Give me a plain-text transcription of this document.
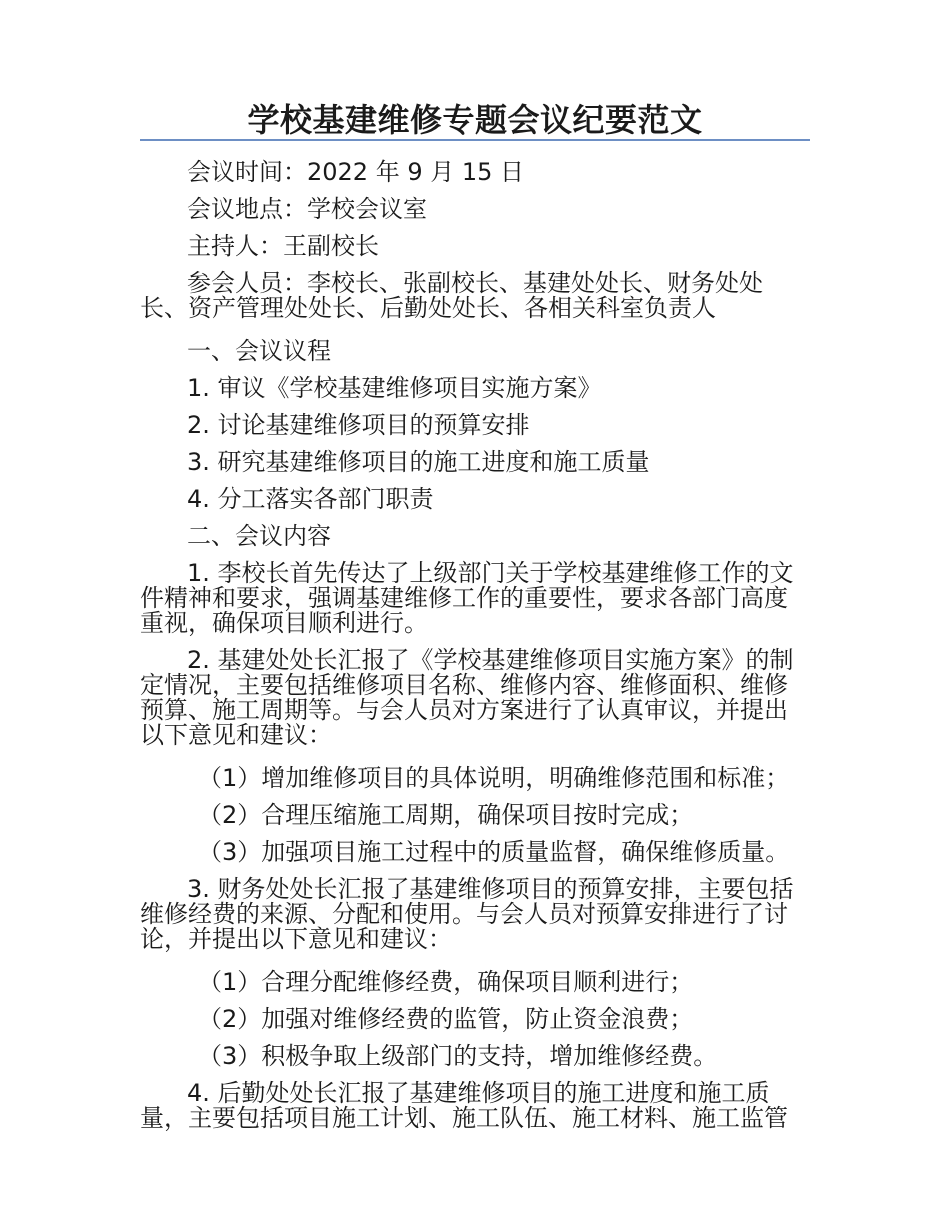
学校基建维修专题会议纪要范文
会议时间：2022 年 9 月 15 日
会议地点：学校会议室
主持人：王副校长
参会人员：李校长、张副校长、基建处处长、财务处处长、资产管理处处长、后勤处处长、各相关科室负责人
一、会议议程
1. 审议《学校基建维修项目实施方案》
2. 讨论基建维修项目的预算安排
3. 研究基建维修项目的施工进度和施工质量
4. 分工落实各部门职责
二、会议内容
1. 李校长首先传达了上级部门关于学校基建维修工作的文件精神和要求，强调基建维修工作的重要性，要求各部门高度重视，确保项目顺利进行。
2. 基建处处长汇报了《学校基建维修项目实施方案》的制定情况，主要包括维修项目名称、维修内容、维修面积、维修预算、施工周期等。与会人员对方案进行了认真审议，并提出以下意见和建议：
（1）增加维修项目的具体说明，明确维修范围和标准；
（2）合理压缩施工周期，确保项目按时完成；
（3）加强项目施工过程中的质量监督，确保维修质量。
3. 财务处处长汇报了基建维修项目的预算安排，主要包括维修经费的来源、分配和使用。与会人员对预算安排进行了讨论，并提出以下意见和建议：
（1）合理分配维修经费，确保项目顺利进行；
（2）加强对维修经费的监管，防止资金浪费；
（3）积极争取上级部门的支持，增加维修经费。
4. 后勤处处长汇报了基建维修项目的施工进度和施工质量，主要包括项目施工计划、施工队伍、施工材料、施工监管
